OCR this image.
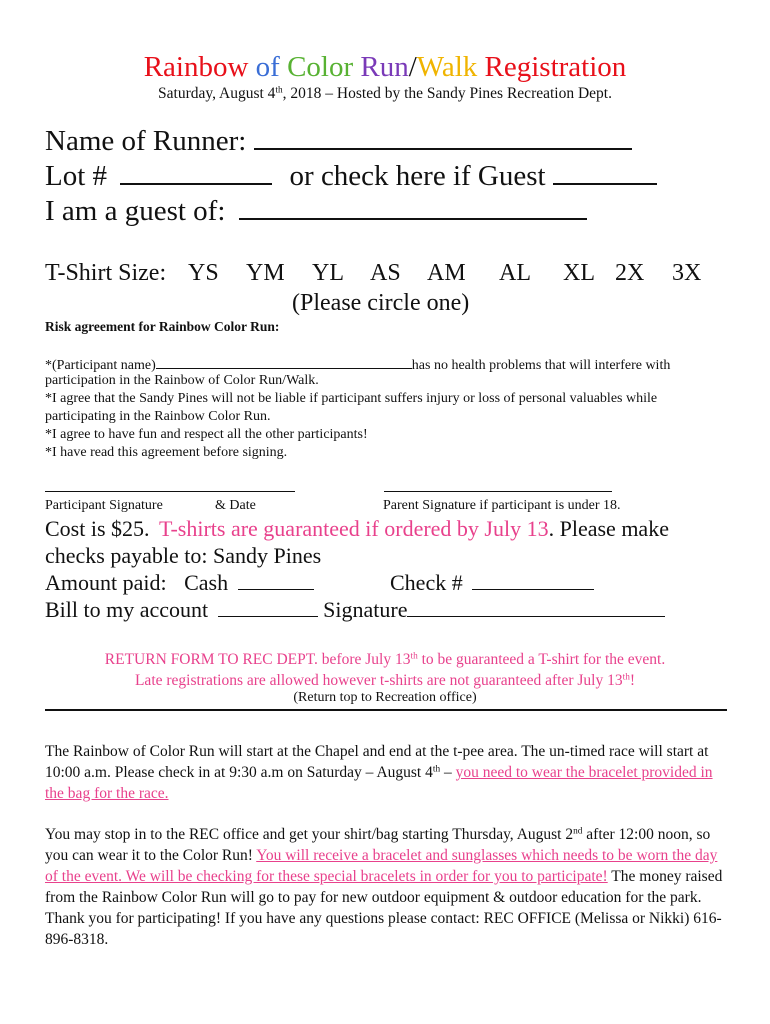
Rainbow of Color Run/Walk Registration
Saturday, August 4th, 2018 – Hosted by the Sandy Pines Recreation Dept.
Name of Runner:
Lot #	or check here if Guest
I am a guest of:
T-Shirt Size: YS YM YL AS AM AL XL 2X 3X
(Please circle one)
Risk agreement for Rainbow Color Run:
*(Participant name)	has no health problems that will interfere with
participation in the Rainbow of Color Run/Walk.
*I agree that the Sandy Pines will not be liable if participant suffers injury or loss of personal valuables while
participating in the Rainbow Color Run.
*I agree to have fun and respect all the other participants!
*I have read this agreement before signing.
Participant Signature	& Date	Parent Signature if participant is under 18.
Cost is $25. T-shirts are guaranteed if ordered by July 13. Please make
checks payable to: Sandy Pines
Amount paid: Cash	Check #
Bill to my account	Signature
RETURN FORM TO REC DEPT. before July 13th to be guaranteed a T-shirt for the event.
Late registrations are allowed however t-shirts are not guaranteed after July 13th!
(Return top to Recreation office)
The Rainbow of Color Run will start at the Chapel and end at the t-pee area. The un-timed race will start at 10:00 a.m. Please check in at 9:30 a.m on Saturday – August 4th – you need to wear the bracelet provided in the bag for the race.
You may stop in to the REC office and get your shirt/bag starting Thursday, August 2nd after 12:00 noon, so you can wear it to the Color Run! You will receive a bracelet and sunglasses which needs to be worn the day of the event. We will be checking for these special bracelets in order for you to participate! The money raised from the Rainbow Color Run will go to pay for new outdoor equipment & outdoor education for the park. Thank you for participating! If you have any questions please contact: REC OFFICE (Melissa or Nikki) 616-896-8318.
